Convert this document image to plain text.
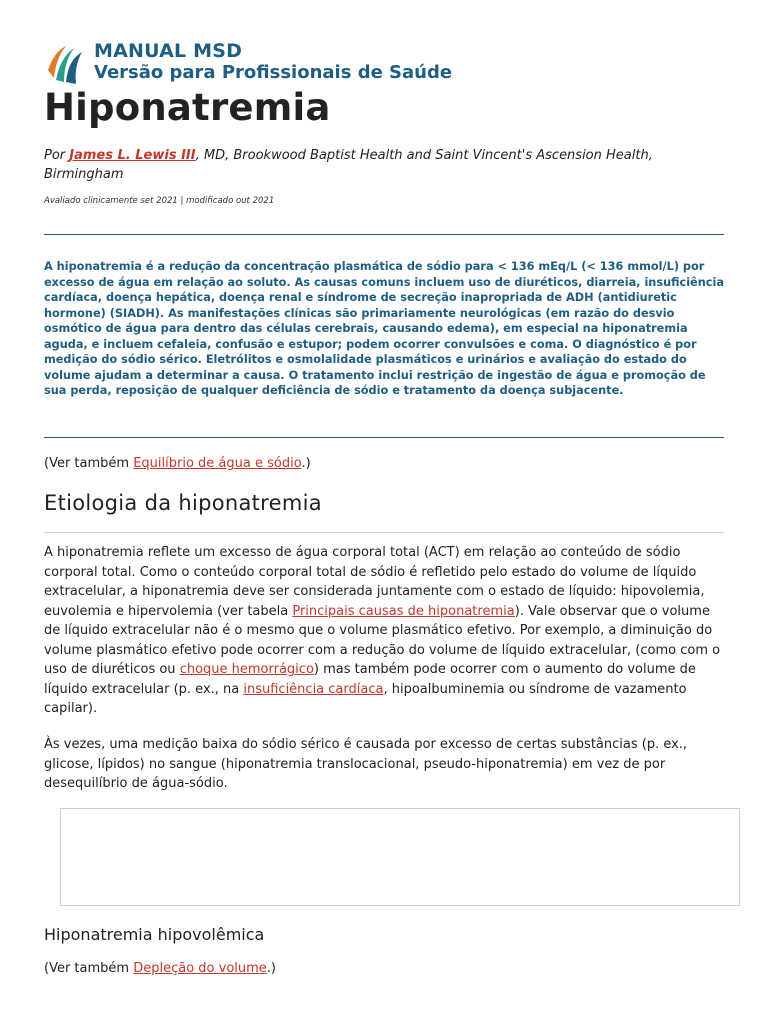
MANUAL MSD
Versão para Profissionais de Saúde
Hiponatremia
Por James L. Lewis III, MD, Brookwood Baptist Health and Saint Vincent's Ascension Health, Birmingham
Avaliado clinicamente set 2021 | modificado out 2021
A hiponatremia é a redução da concentração plasmática de sódio para < 136 mEq/L (< 136 mmol/L) por excesso de água em relação ao soluto. As causas comuns incluem uso de diuréticos, diarreia, insuficiência cardíaca, doença hepática, doença renal e síndrome de secreção inapropriada de ADH (antidiuretic hormone) (SIADH). As manifestações clínicas são primariamente neurológicas (em razão do desvio osmótico de água para dentro das células cerebrais, causando edema), em especial na hiponatremia aguda, e incluem cefaleia, confusão e estupor; podem ocorrer convulsões e coma. O diagnóstico é por medição do sódio sérico. Eletrólitos e osmolalidade plasmáticos e urinários e avaliação do estado do volume ajudam a determinar a causa. O tratamento inclui restrição de ingestão de água e promoção de sua perda, reposição de qualquer deficiência de sódio e tratamento da doença subjacente.
(Ver também Equilíbrio de água e sódio.)
Etiologia da hiponatremia
A hiponatremia reflete um excesso de água corporal total (ACT) em relação ao conteúdo de sódio corporal total. Como o conteúdo corporal total de sódio é refletido pelo estado do volume de líquido extracelular, a hiponatremia deve ser considerada juntamente com o estado de líquido: hipovolemia, euvolemia e hipervolemia (ver tabela Principais causas de hiponatremia). Vale observar que o volume de líquido extracelular não é o mesmo que o volume plasmático efetivo. Por exemplo, a diminuição do volume plasmático efetivo pode ocorrer com a redução do volume de líquido extracelular, (como com o uso de diuréticos ou choque hemorrágico) mas também pode ocorrer com o aumento do volume de líquido extracelular (p. ex., na insuficiência cardíaca, hipoalbuminemia ou síndrome de vazamento capilar).
Às vezes, uma medição baixa do sódio sérico é causada por excesso de certas substâncias (p. ex., glicose, lípidos) no sangue (hiponatremia translocacional, pseudo-hiponatremia) em vez de por desequilíbrio de água-sódio.
Hiponatremia hipovolêmica
(Ver também Depleção do volume.)
